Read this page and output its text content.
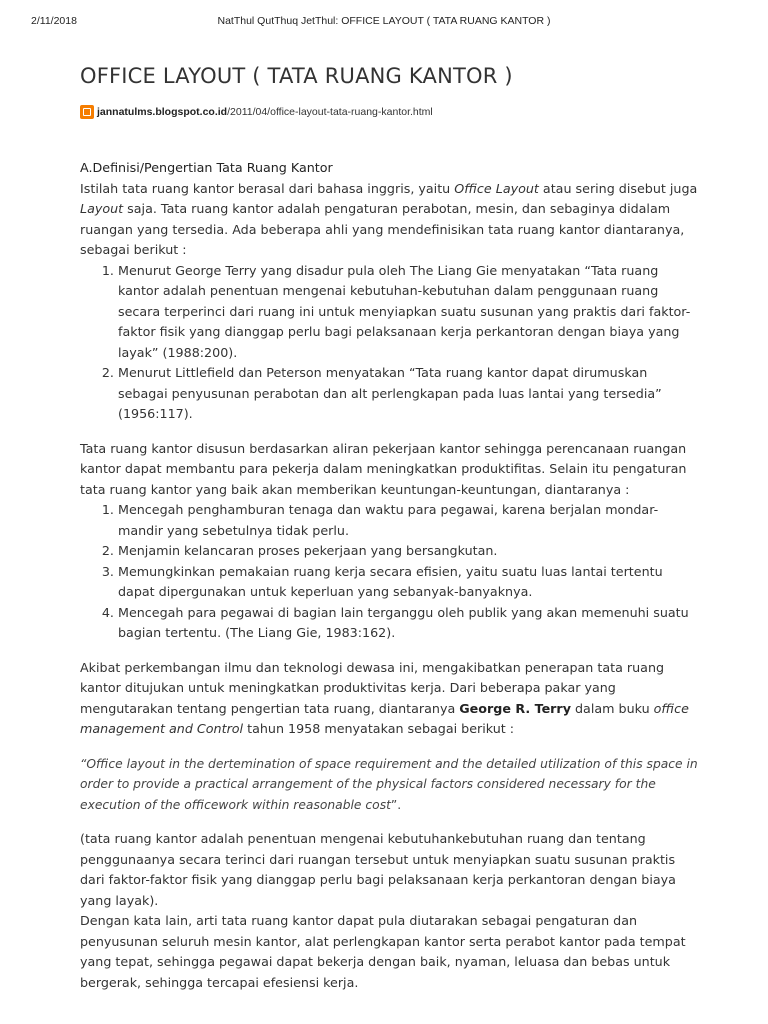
2/11/2018	NatThul QutThuq JetThul: OFFICE LAYOUT ( TATA RUANG KANTOR )
OFFICE LAYOUT ( TATA RUANG KANTOR )
jannatulms.blogspot.co.id/2011/04/office-layout-tata-ruang-kantor.html

A.Definisi/Pengertian Tata Ruang Kantor

Istilah tata ruang kantor berasal dari bahasa inggris, yaitu Office Layout atau sering disebut juga Layout saja. Tata ruang kantor adalah pengaturan perabotan, mesin, dan sebaginya didalam ruangan yang tersedia. Ada beberapa ahli yang mendefinisikan tata ruang kantor diantaranya, sebagai berikut :

1. Menurut George Terry yang disadur pula oleh The Liang Gie menyatakan “Tata ruang kantor adalah penentuan mengenai kebutuhan-kebutuhan dalam penggunaan ruang secara terperinci dari ruang ini untuk menyiapkan suatu susunan yang praktis dari faktor-faktor fisik yang dianggap perlu bagi pelaksanaan kerja perkantoran dengan biaya yang layak” (1988:200).
2. Menurut Littlefield dan Peterson menyatakan “Tata ruang kantor dapat dirumuskan sebagai penyusunan perabotan dan alt perlengkapan pada luas lantai yang tersedia” (1956:117).

Tata ruang kantor disusun berdasarkan aliran pekerjaan kantor sehingga perencanaan ruangan kantor dapat membantu para pekerja dalam meningkatkan produktifitas. Selain itu pengaturan tata ruang kantor yang baik akan memberikan keuntungan-keuntungan, diantaranya :

1. Mencegah penghamburan tenaga dan waktu para pegawai, karena berjalan mondar-mandir yang sebetulnya tidak perlu.
2. Menjamin kelancaran proses pekerjaan yang bersangkutan.
3. Memungkinkan pemakaian ruang kerja secara efisien, yaitu suatu luas lantai tertentu dapat dipergunakan untuk keperluan yang sebanyak-banyaknya.
4. Mencegah para pegawai di bagian lain terganggu oleh publik yang akan memenuhi suatu bagian tertentu. (The Liang Gie, 1983:162).

Akibat perkembangan ilmu dan teknologi dewasa ini, mengakibatkan penerapan tata ruang kantor ditujukan untuk meningkatkan produktivitas kerja. Dari beberapa pakar yang mengutarakan tentang pengertian tata ruang, diantaranya George R. Terry dalam buku office management and Control tahun 1958 menyatakan sebagai berikut :

“Office layout in the dertemination of space requirement and the detailed utilization of this space in order to provide a practical arrangement of the physical factors considered necessary for the execution of the officework within reasonable cost”.

(tata ruang kantor adalah penentuan mengenai kebutuhankebutuhan ruang dan tentang penggunaanya secara terinci dari ruangan tersebut untuk menyiapkan suatu susunan praktis dari faktor-faktor fisik yang dianggap perlu bagi pelaksanaan kerja perkantoran dengan biaya yang layak).

Dengan kata lain, arti tata ruang kantor dapat pula diutarakan sebagai pengaturan dan penyusunan seluruh mesin kantor, alat perlengkapan kantor serta perabot kantor pada tempat yang tepat, sehingga pegawai dapat bekerja dengan baik, nyaman, leluasa dan bebas untuk bergerak, sehingga tercapai efesiensi kerja.
